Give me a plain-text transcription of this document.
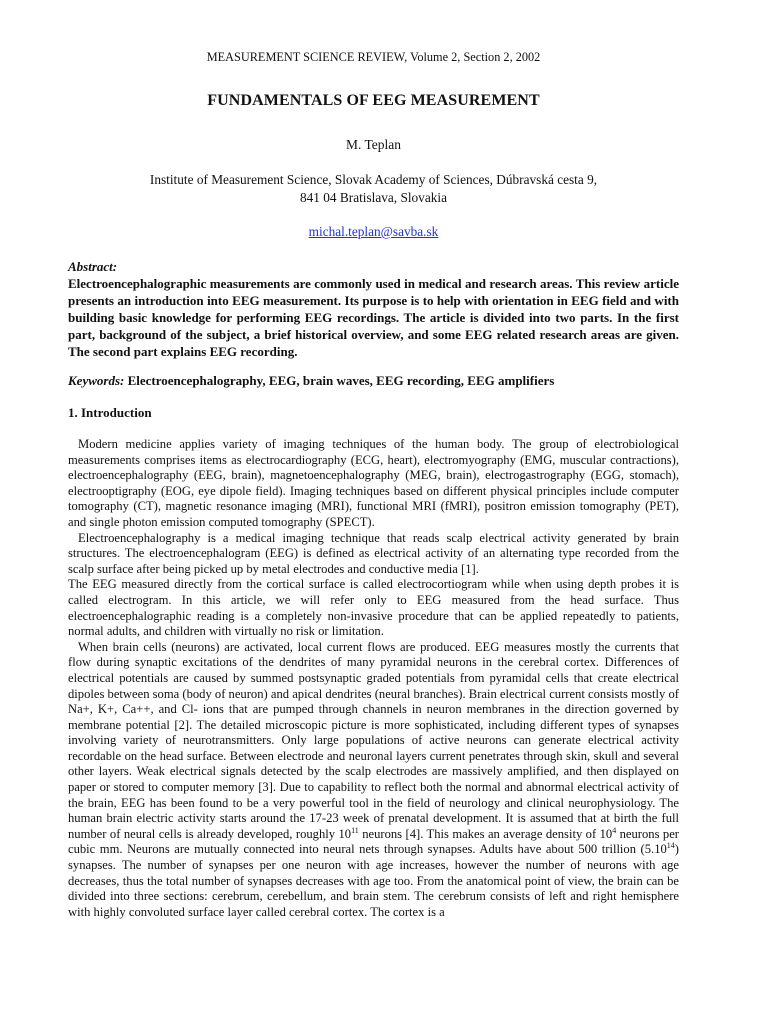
MEASUREMENT SCIENCE REVIEW, Volume 2, Section 2, 2002
FUNDAMENTALS OF EEG MEASUREMENT
M. Teplan
Institute of Measurement Science, Slovak Academy of Sciences, Dúbravská cesta 9,
841 04 Bratislava, Slovakia
michal.teplan@savba.sk
Abstract:
Electroencephalographic measurements are commonly used in medical and research areas. This review article presents an introduction into EEG measurement. Its purpose is to help with orientation in EEG field and with building basic knowledge for performing EEG recordings. The article is divided into two parts. In the first part, background of the subject, a brief historical overview, and some EEG related research areas are given. The second part explains EEG recording.
Keywords: Electroencephalography, EEG, brain waves, EEG recording, EEG amplifiers
1. Introduction

Modern medicine applies variety of imaging techniques of the human body. The group of electrobiological measurements comprises items as electrocardiography (ECG, heart), electromyography (EMG, muscular contractions), electroencephalography (EEG, brain), magnetoencephalography (MEG, brain), electrogastrography (EGG, stomach), electrooptigraphy (EOG, eye dipole field). Imaging techniques based on different physical principles include computer tomography (CT), magnetic resonance imaging (MRI), functional MRI (fMRI), positron emission tomography (PET), and single photon emission computed tomography (SPECT).

Electroencephalography is a medical imaging technique that reads scalp electrical activity generated by brain structures. The electroencephalogram (EEG) is defined as electrical activity of an alternating type recorded from the scalp surface after being picked up by metal electrodes and conductive media [1].

The EEG measured directly from the cortical surface is called electrocortiogram while when using depth probes it is called electrogram. In this article, we will refer only to EEG measured from the head surface. Thus electroencephalographic reading is a completely non-invasive procedure that can be applied repeatedly to patients, normal adults, and children with virtually no risk or limitation.

When brain cells (neurons) are activated, local current flows are produced. EEG measures mostly the currents that flow during synaptic excitations of the dendrites of many pyramidal neurons in the cerebral cortex. Differences of electrical potentials are caused by summed postsynaptic graded potentials from pyramidal cells that create electrical dipoles between soma (body of neuron) and apical dendrites (neural branches). Brain electrical current consists mostly of Na+, K+, Ca++, and Cl- ions that are pumped through channels in neuron membranes in the direction governed by membrane potential [2]. The detailed microscopic picture is more sophisticated, including different types of synapses involving variety of neurotransmitters. Only large populations of active neurons can generate electrical activity recordable on the head surface. Between electrode and neuronal layers current penetrates through skin, skull and several other layers. Weak electrical signals detected by the scalp electrodes are massively amplified, and then displayed on paper or stored to computer memory [3]. Due to capability to reflect both the normal and abnormal electrical activity of the brain, EEG has been found to be a very powerful tool in the field of neurology and clinical neurophysiology. The human brain electric activity starts around the 17-23 week of prenatal development. It is assumed that at birth the full number of neural cells is already developed, roughly $10^{11}$ neurons [4]. This makes an average density of $10^4$ neurons per cubic mm. Neurons are mutually connected into neural nets through synapses. Adults have about 500 trillion (5.10$^{14}$) synapses. The number of synapses per one neuron with age increases, however the number of neurons with age decreases, thus the total number of synapses decreases with age too. From the anatomical point of view, the brain can be divided into three sections: cerebrum, cerebellum, and brain stem. The cerebrum consists of left and right hemisphere with highly convoluted surface layer called cerebral cortex. The cortex is a
